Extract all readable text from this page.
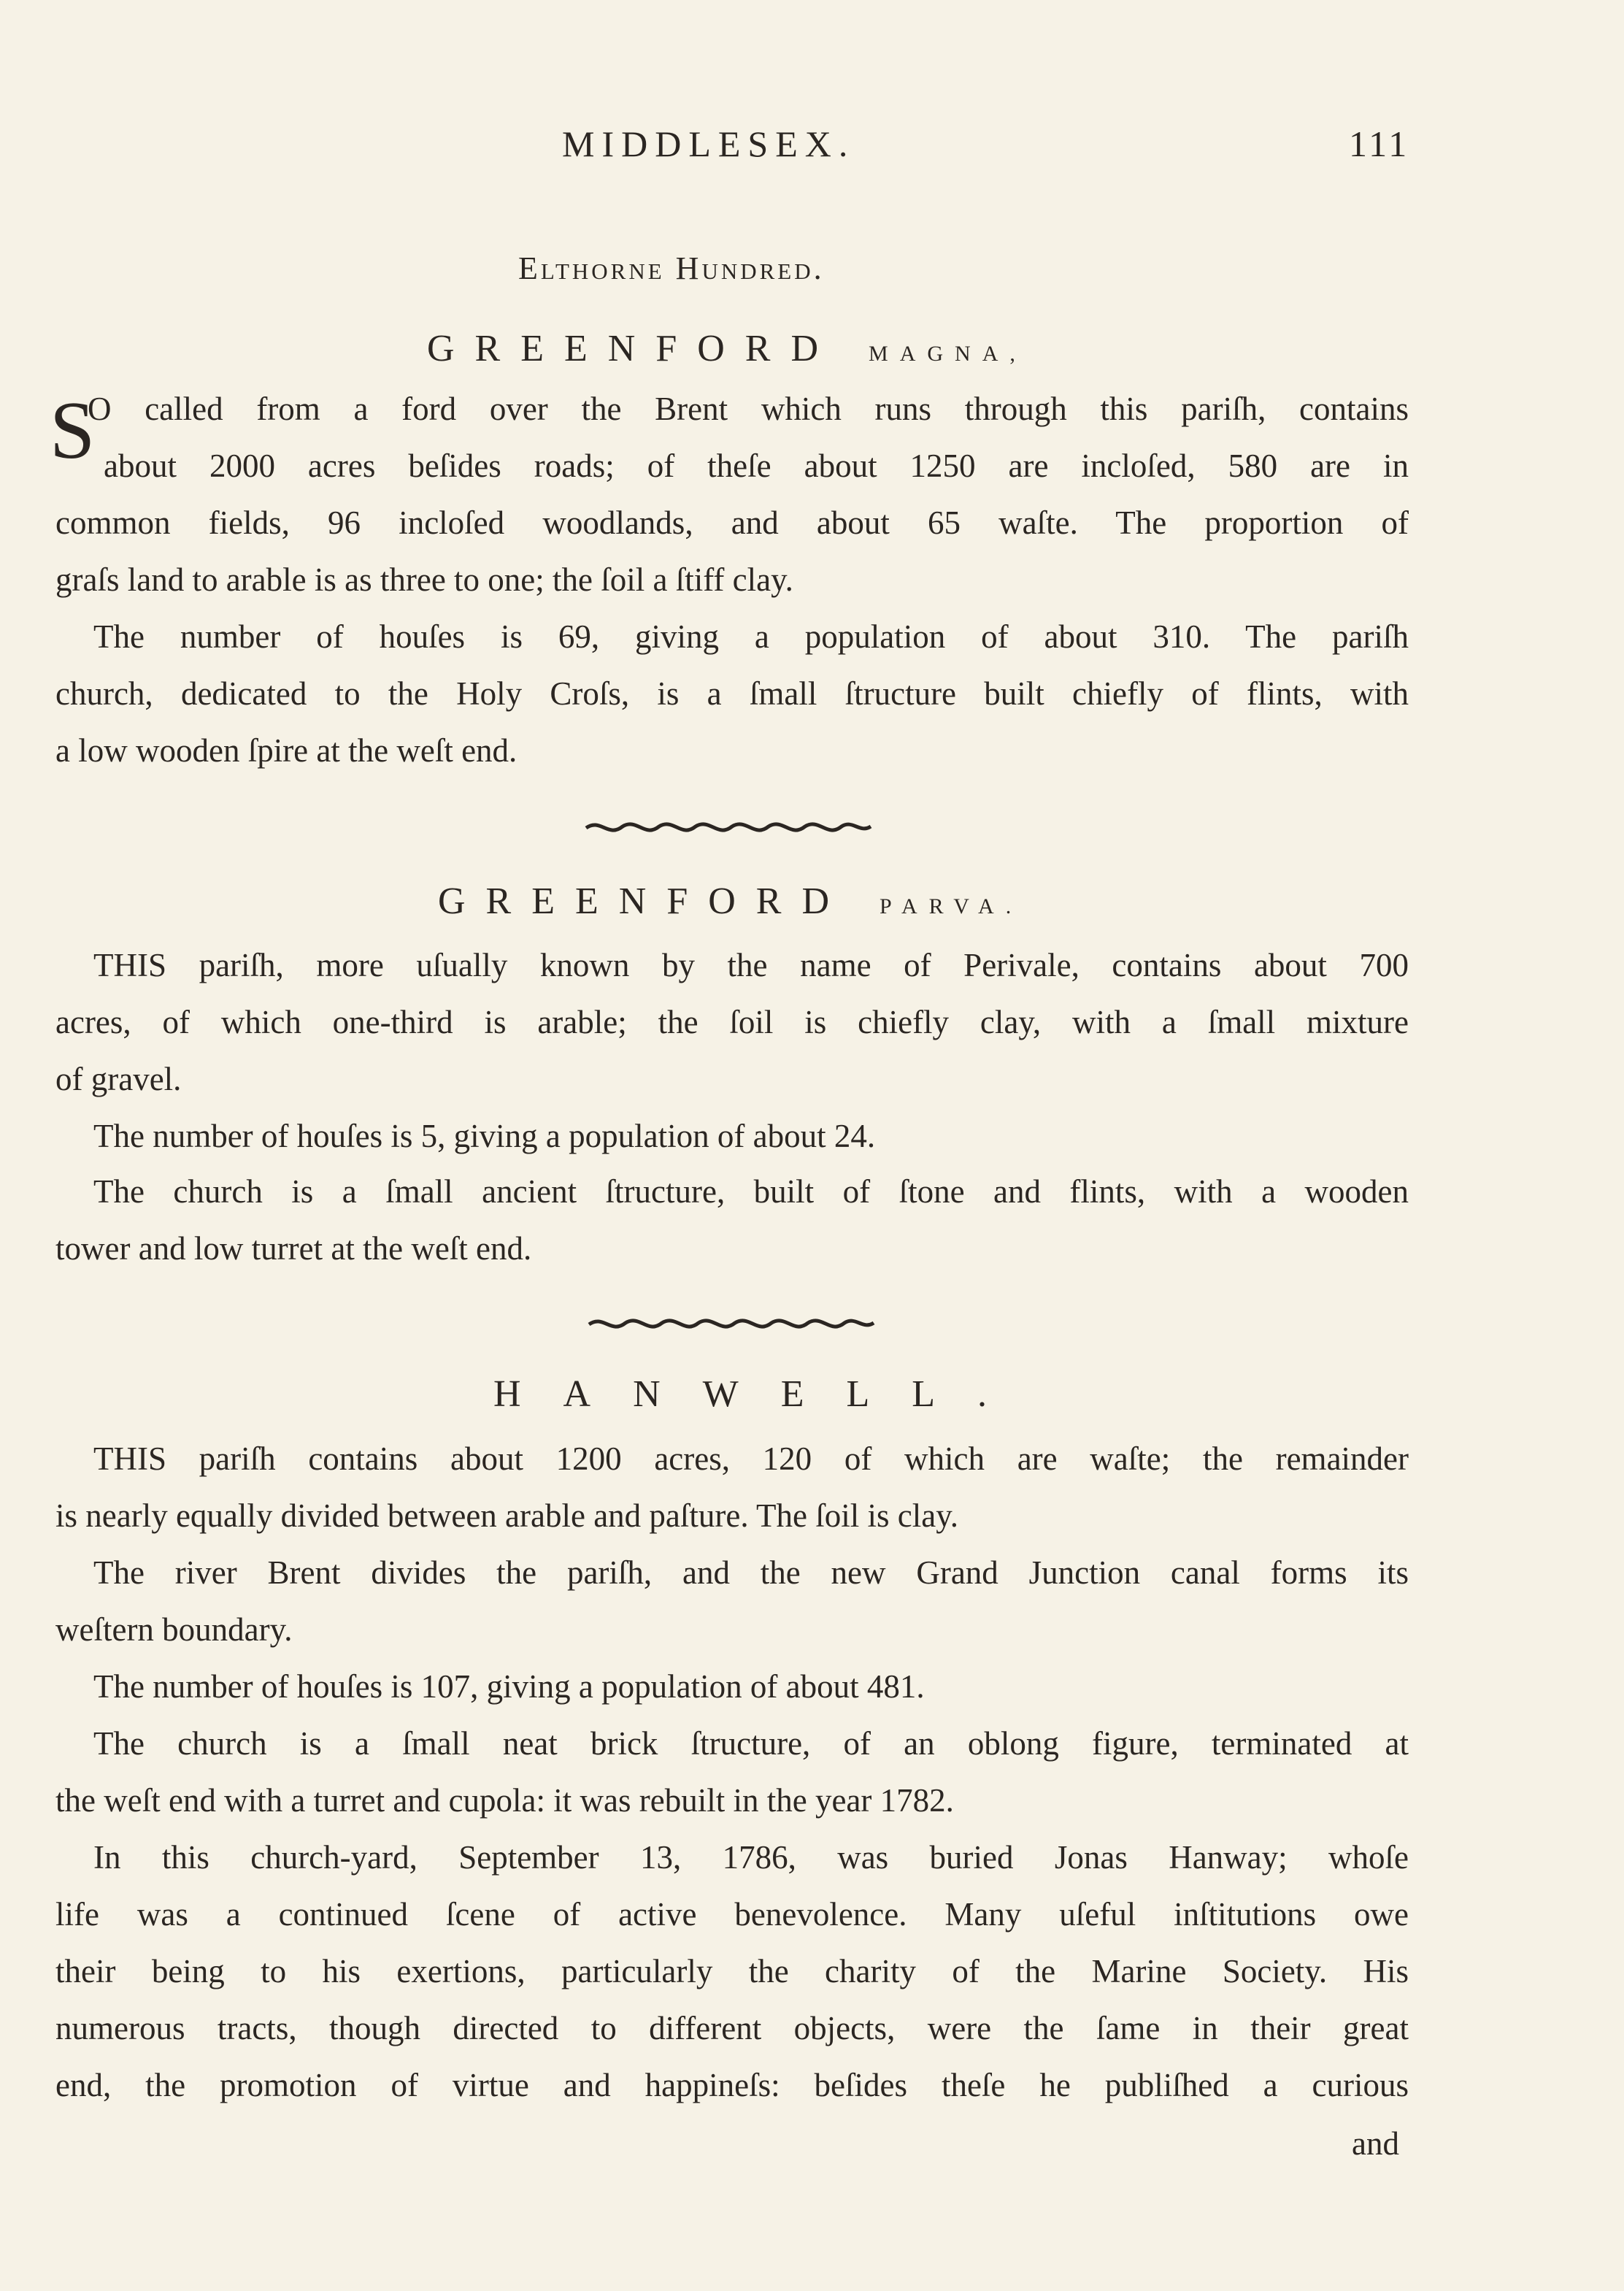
MIDDLESEX.	111
Elthorne Hundred.
GREENFORD MAGNA,
S
O called from a ford over the Brent which runs through this pariſh, contains
about 2000 acres beſides roads; of theſe about 1250 are incloſed, 580 are in
common fields, 96 incloſed woodlands, and about 65 waſte. The proportion of
graſs land to arable is as three to one; the ſoil a ſtiff clay.
The number of houſes is 69, giving a population of about 310. The pariſh
church, dedicated to the Holy Croſs, is a ſmall ſtructure built chiefly of flints, with
a low wooden ſpire at the weſt end.
GREENFORD PARVA.
THIS pariſh, more uſually known by the name of Perivale, contains about 700
acres, of which one-third is arable; the ſoil is chiefly clay, with a ſmall mixture
of gravel.
The number of houſes is 5, giving a population of about 24.
The church is a ſmall ancient ſtructure, built of ſtone and flints, with a wooden
tower and low turret at the weſt end.
HANWELL.
THIS pariſh contains about 1200 acres, 120 of which are waſte; the remainder
is nearly equally divided between arable and paſture. The ſoil is clay.
The river Brent divides the pariſh, and the new Grand Junction canal forms its
weſtern boundary.
The number of houſes is 107, giving a population of about 481.
The church is a ſmall neat brick ſtructure, of an oblong figure, terminated at
the weſt end with a turret and cupola: it was rebuilt in the year 1782.
In this church-yard, September 13, 1786, was buried Jonas Hanway; whoſe
life was a continued ſcene of active benevolence. Many uſeful inſtitutions owe
their being to his exertions, particularly the charity of the Marine Society. His
numerous tracts, though directed to different objects, were the ſame in their great
end, the promotion of virtue and happineſs: beſides theſe he publiſhed a curious
and
